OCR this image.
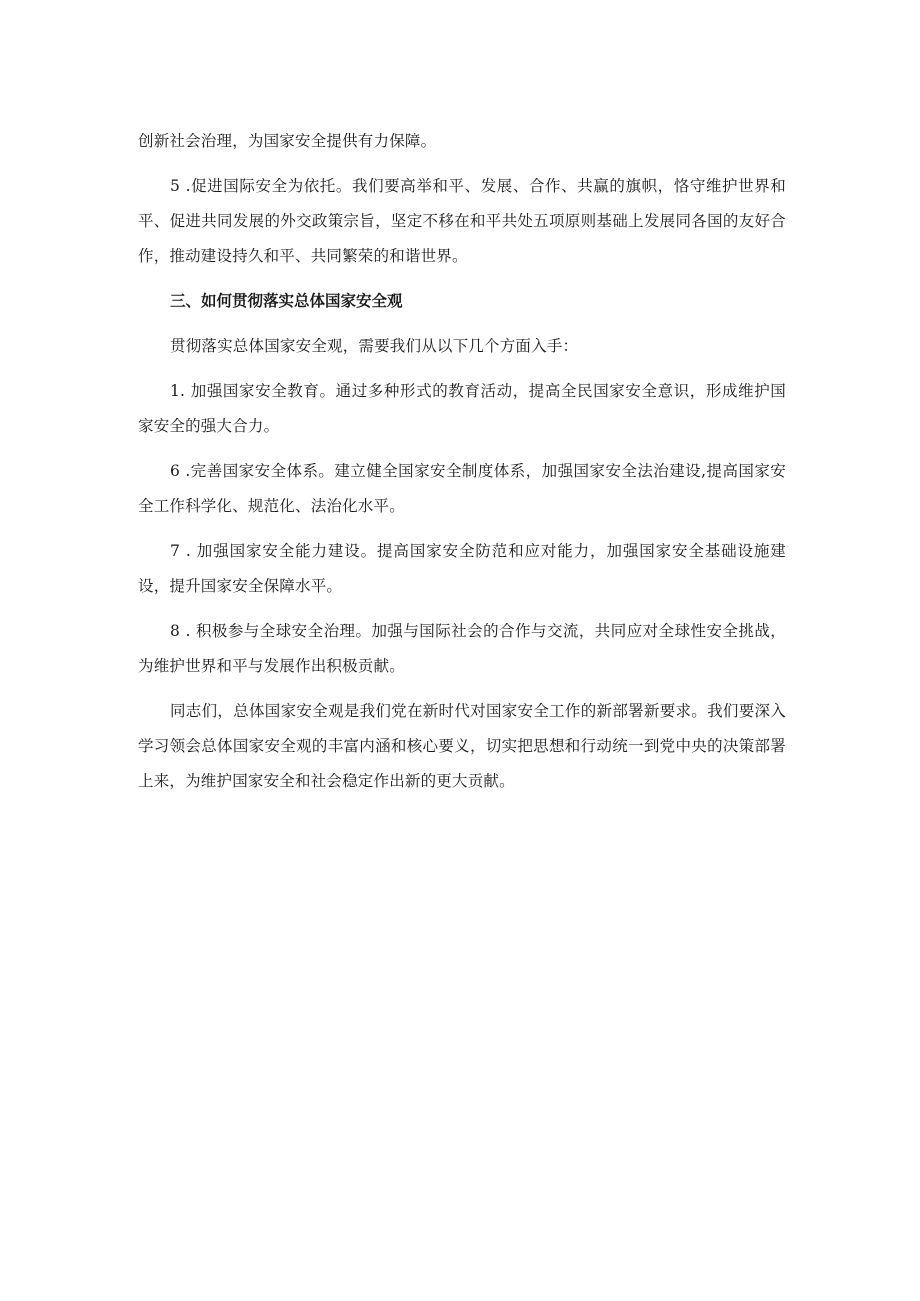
创新社会治理，为国家安全提供有力保障。

5 .促进国际安全为依托。我们要高举和平、发展、合作、共赢的旗帜，恪守维护世界和平、促进共同发展的外交政策宗旨，坚定不移在和平共处五项原则基础上发展同各国的友好合作，推动建设持久和平、共同繁荣的和谐世界。

三、如何贯彻落实总体国家安全观

贯彻落实总体国家安全观，需要我们从以下几个方面入手：

1. 加强国家安全教育。通过多种形式的教育活动，提高全民国家安全意识，形成维护国家安全的强大合力。

6 .完善国家安全体系。建立健全国家安全制度体系，加强国家安全法治建设,提高国家安全工作科学化、规范化、法治化水平。

7 . 加强国家安全能力建设。提高国家安全防范和应对能力，加强国家安全基础设施建设，提升国家安全保障水平。

8 . 积极参与全球安全治理。加强与国际社会的合作与交流，共同应对全球性安全挑战，为维护世界和平与发展作出积极贡献。

同志们，总体国家安全观是我们党在新时代对国家安全工作的新部署新要求。我们要深入学习领会总体国家安全观的丰富内涵和核心要义，切实把思想和行动统一到党中央的决策部署上来，为维护国家安全和社会稳定作出新的更大贡献。
